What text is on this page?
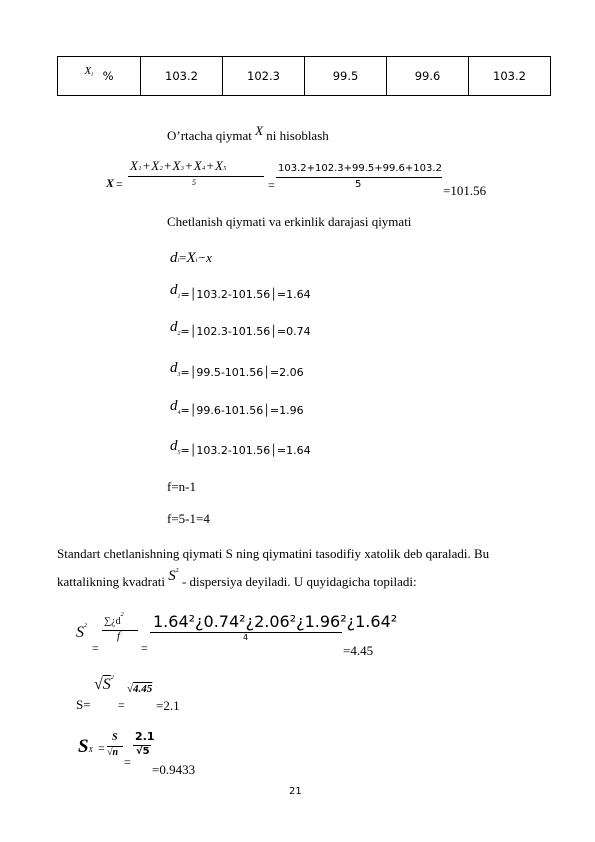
$X^i$ %	103.2	102.3	99.5	99.6	103.2
O’rtacha qiymat X ni hisoblash
X =
X1+X2+X3+X4+X5
5	=
103.2+102.3+99.5+99.6+103.2
5	=101.56
Chetlanish qiymati va erkinlik darajasi qiymati
di=Xi−x
d1=│103.2-101.56│=1.64
d2=│102.3-101.56│=0.74
d3=│99.5-101.56│=2.06
d4=│99.6-101.56│=1.96
d5=│103.2-101.56│=1.64
f=n-1
f=5-1=4
Standart chetlanishning qiymati S ning qiymatini tasodifiy xatolik deb qaraladi. Bu
kattalikning kvadrati $S^2$ - dispersiya deyiladi. U quyidagicha topiladi:
$S^2$
=
$\sum¿d^2$
f
=
1.64²¿0.74²¿2.06²¿1.96²¿1.64²
4
=4.45
S=
$√S^2$
=
√4.45
=2.1
SX =
S
√n
=
2.1
√5
=0.9433
21
